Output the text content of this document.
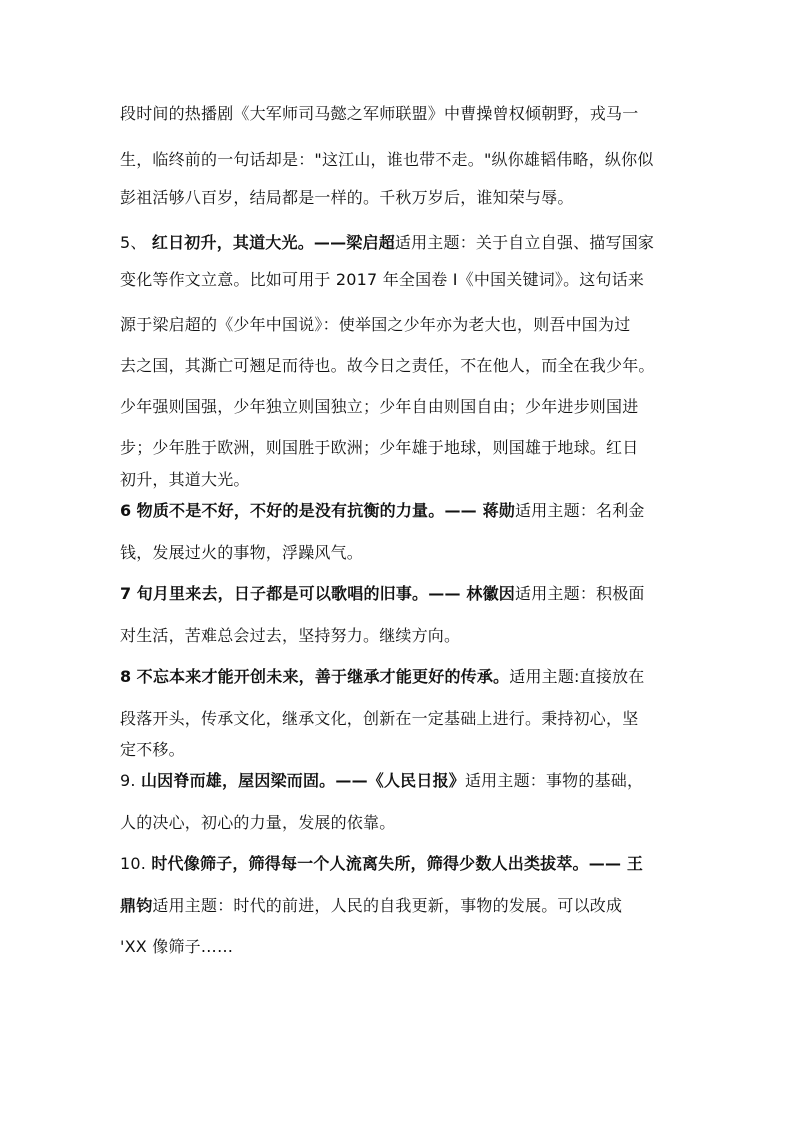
段时间的热播剧《大军师司马懿之军师联盟》中曹操曾权倾朝野，戎马一
生，临终前的一句话却是："这江山，谁也带不走。"纵你雄韬伟略，纵你似
彭祖活够八百岁，结局都是一样的。千秋万岁后，谁知荣与辱。
5、 红日初升，其道大光。——梁启超适用主题：关于自立自强、描写国家
变化等作文立意。比如可用于 2017 年全国卷 I《中国关键词》。这句话来
源于梁启超的《少年中国说》：使举国之少年亦为老大也，则吾中国为过
去之国，其澌亡可翘足而待也。故今日之责任，不在他人，而全在我少年。
少年强则国强，少年独立则国独立；少年自由则国自由；少年进步则国进
步；少年胜于欧洲，则国胜于欧洲；少年雄于地球，则国雄于地球。红日
初升，其道大光。
6 物质不是不好，不好的是没有抗衡的力量。—— 蒋勋适用主题：名利金
钱，发展过火的事物，浮躁风气。
7 旬月里来去，日子都是可以歌唱的旧事。—— 林徽因适用主题：积极面
对生活，苦难总会过去，坚持努力。继续方向。
8 不忘本来才能开创未来，善于继承才能更好的传承。适用主题:直接放在
段落开头，传承文化，继承文化，创新在一定基础上进行。秉持初心，坚
定不移。
9. 山因脊而雄，屋因梁而固。——《人民日报》适用主题：事物的基础，
人的决心，初心的力量，发展的依靠。
10. 时代像筛子，筛得每一个人流离失所，筛得少数人出类拔萃。—— 王
鼎钧适用主题：时代的前进，人民的自我更新，事物的发展。可以改成
'XX 像筛子……
